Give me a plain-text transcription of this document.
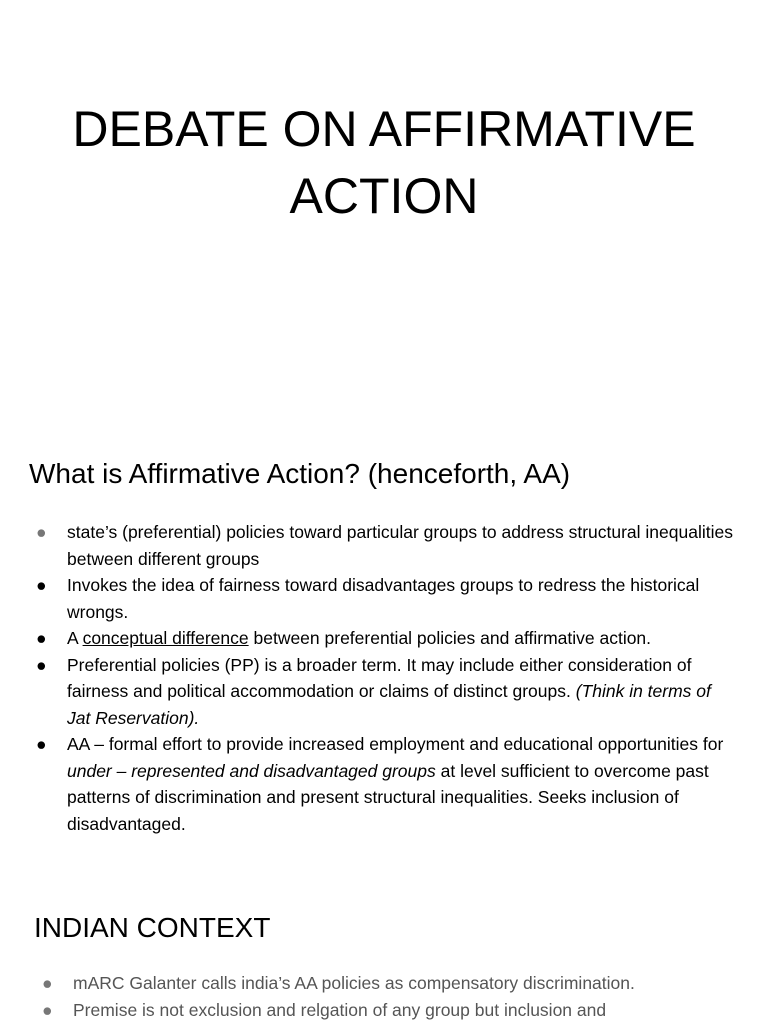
DEBATE ON AFFIRMATIVE ACTION
What is Affirmative Action? (henceforth, AA)
●	state’s (preferential) policies toward particular groups to address structural inequalities between different groups
●	Invokes the idea of fairness toward disadvantages groups to redress the historical wrongs.
●	A conceptual difference between preferential policies and affirmative action.
●	Preferential policies (PP) is a broader term. It may include either consideration of fairness and political accommodation or claims of distinct groups. (Think in terms of Jat Reservation).
●	AA – formal effort to provide increased employment and educational opportunities for under – represented and disadvantaged groups at level sufficient to overcome past patterns of discrimination and present structural inequalities. Seeks inclusion of disadvantaged.
INDIAN CONTEXT
●	mARC Galanter calls india’s AA policies as compensatory discrimination.
●	Premise is not exclusion and relgation of any group but inclusion and
